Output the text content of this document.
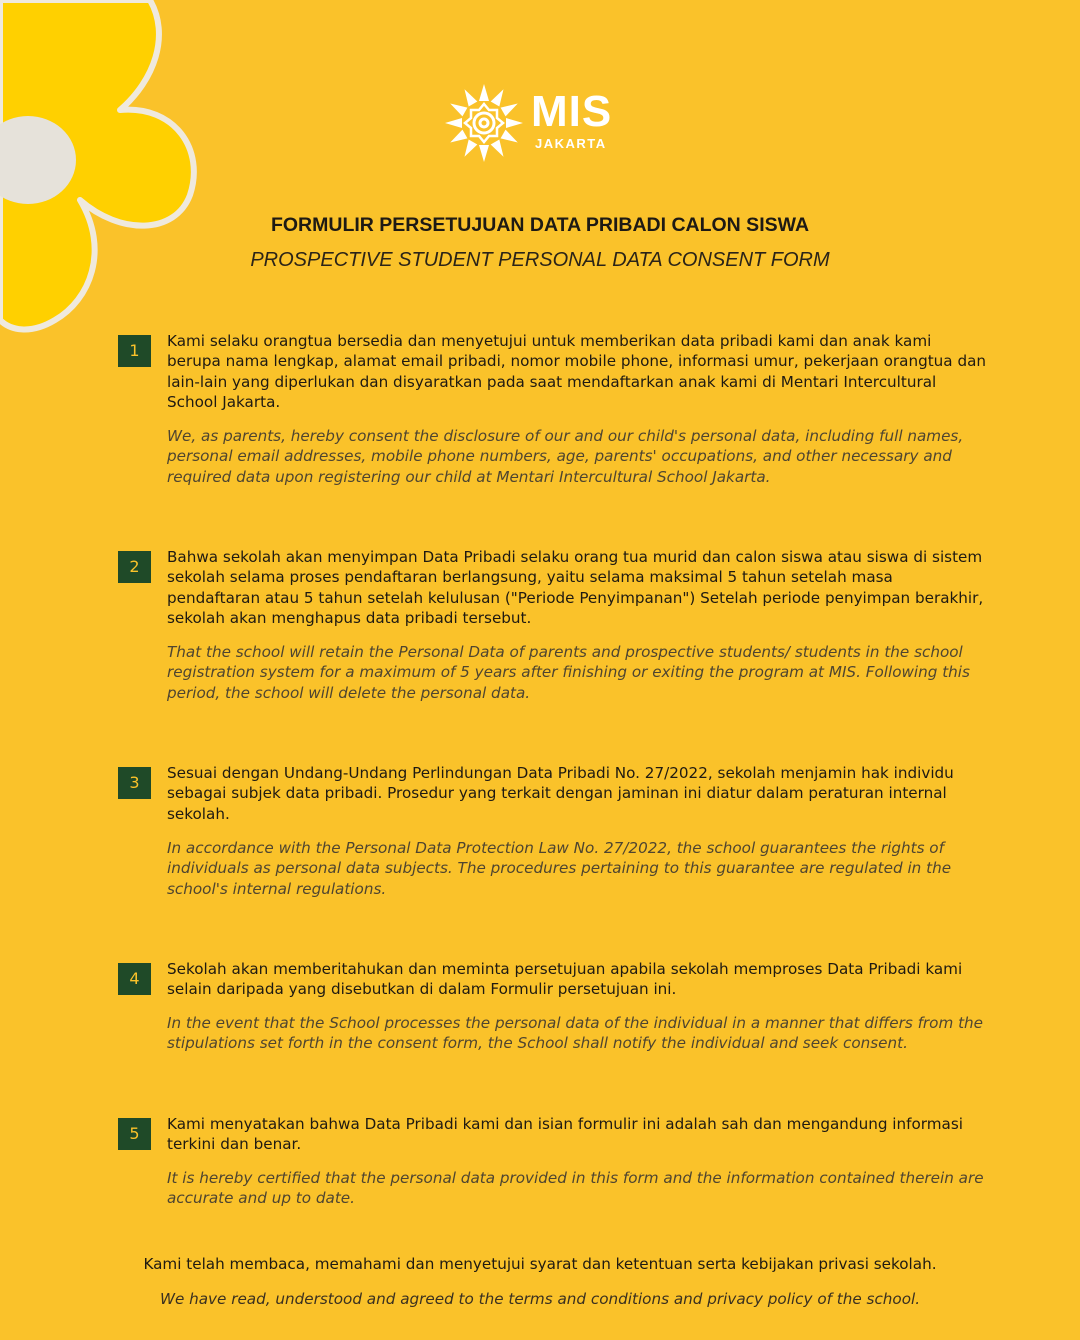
MIS
JAKARTA
FORMULIR PERSETUJUAN DATA PRIBADI CALON SISWA
PROSPECTIVE STUDENT PERSONAL DATA CONSENT FORM
1	Kami selaku orangtua bersedia dan menyetujui untuk memberikan data pribadi kami dan anak kami berupa nama lengkap, alamat email pribadi, nomor mobile phone, informasi umur, pekerjaan orangtua dan lain-lain yang diperlukan dan disyaratkan pada saat mendaftarkan anak kami di Mentari Intercultural School Jakarta.

We, as parents, hereby consent the disclosure of our and our child's personal data, including full names, personal email addresses, mobile phone numbers, age, parents' occupations, and other necessary and required data upon registering our child at Mentari Intercultural School Jakarta.

2	Bahwa sekolah akan menyimpan Data Pribadi selaku orang tua murid dan calon siswa atau siswa di sistem sekolah selama proses pendaftaran berlangsung, yaitu selama maksimal 5 tahun setelah masa pendaftaran atau 5 tahun setelah kelulusan ("Periode Penyimpanan") Setelah periode penyimpan berakhir, sekolah akan menghapus data pribadi tersebut.

That the school will retain the Personal Data of parents and prospective students/ students in the school registration system for a maximum of 5 years after finishing or exiting the program at MIS. Following this period, the school will delete the personal data.

3	Sesuai dengan Undang-Undang Perlindungan Data Pribadi No. 27/2022, sekolah menjamin hak individu sebagai subjek data pribadi. Prosedur yang terkait dengan jaminan ini diatur dalam peraturan internal sekolah.

In accordance with the Personal Data Protection Law No. 27/2022, the school guarantees the rights of individuals as personal data subjects. The procedures pertaining to this guarantee are regulated in the school's internal regulations.

4	Sekolah akan memberitahukan dan meminta persetujuan apabila sekolah memproses Data Pribadi kami selain daripada yang disebutkan di dalam Formulir persetujuan ini.

In the event that the School processes the personal data of the individual in a manner that differs from the stipulations set forth in the consent form, the School shall notify the individual and seek consent.

5	Kami menyatakan bahwa Data Pribadi kami dan isian formulir ini adalah sah dan mengandung informasi terkini dan benar.

It is hereby certified that the personal data provided in this form and the information contained therein are accurate and up to date.

Kami telah membaca, memahami dan menyetujui syarat dan ketentuan serta kebijakan privasi sekolah.
We have read, understood and agreed to the terms and conditions and privacy policy of the school.
